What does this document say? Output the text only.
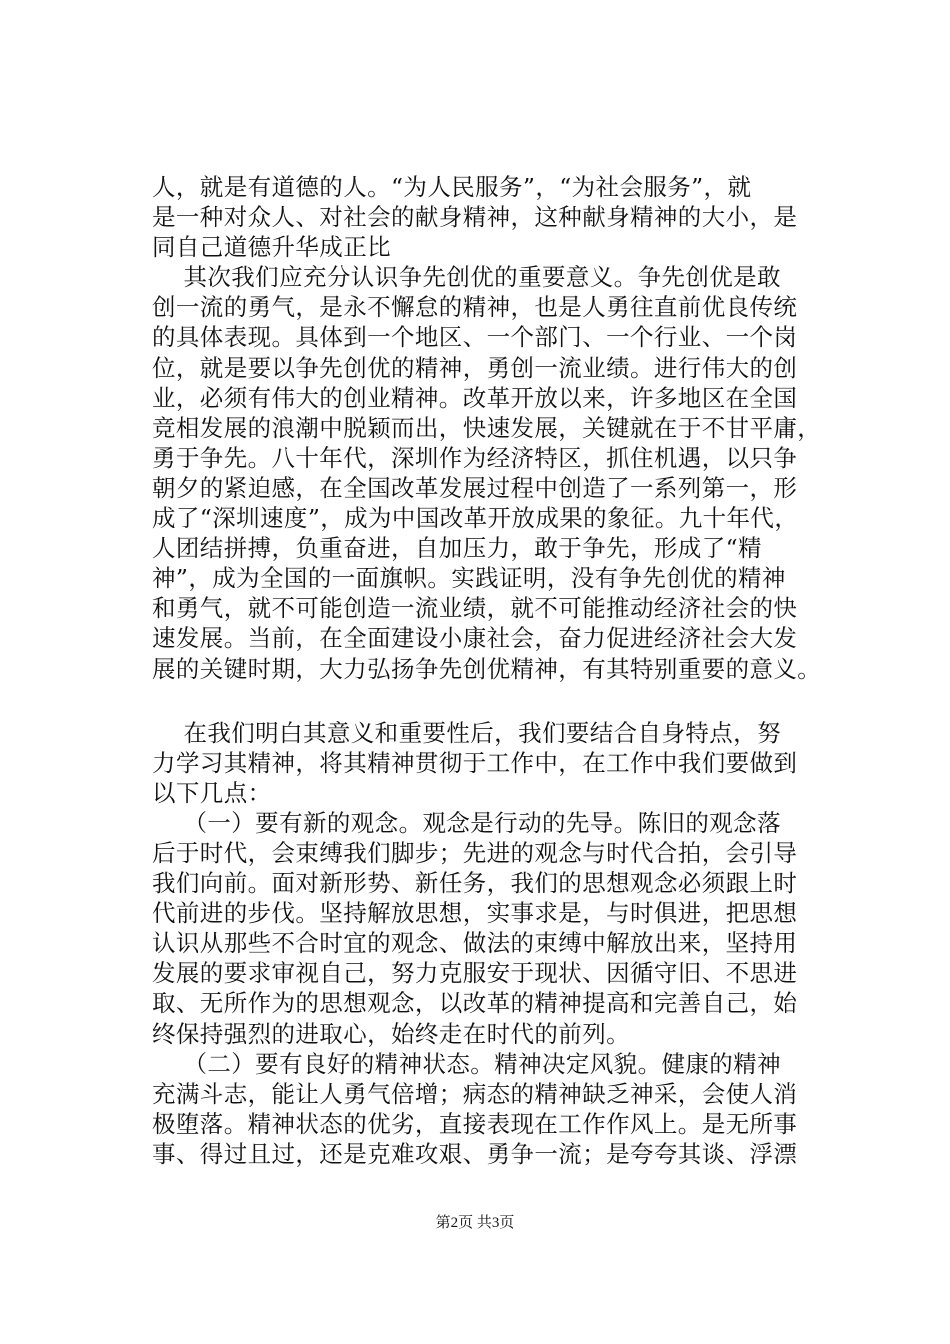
人，就是有道德的人。“为人民服务”，“为社会服务”，就
是一种对众人、对社会的献身精神，这种献身精神的大小，是
同自己道德升华成正比
其次我们应充分认识争先创优的重要意义。争先创优是敢
创一流的勇气，是永不懈怠的精神，也是人勇往直前优良传统
的具体表现。具体到一个地区、一个部门、一个行业、一个岗
位，就是要以争先创优的精神，勇创一流业绩。进行伟大的创
业，必须有伟大的创业精神。改革开放以来，许多地区在全国
竞相发展的浪潮中脱颖而出，快速发展，关键就在于不甘平庸，
勇于争先。八十年代，深圳作为经济特区，抓住机遇，以只争
朝夕的紧迫感，在全国改革发展过程中创造了一系列第一，形
成了“深圳速度”，成为中国改革开放成果的象征。九十年代，
人团结拼搏，负重奋进，自加压力，敢于争先，形成了“精
神”，成为全国的一面旗帜。实践证明，没有争先创优的精神
和勇气，就不可能创造一流业绩，就不可能推动经济社会的快
速发展。当前，在全面建设小康社会，奋力促进经济社会大发
展的关键时期，大力弘扬争先创优精神，有其特别重要的意义。
在我们明白其意义和重要性后，我们要结合自身特点，努
力学习其精神，将其精神贯彻于工作中，在工作中我们要做到
以下几点：
（一）要有新的观念。观念是行动的先导。陈旧的观念落
后于时代，会束缚我们脚步；先进的观念与时代合拍，会引导
我们向前。面对新形势、新任务，我们的思想观念必须跟上时
代前进的步伐。坚持解放思想，实事求是，与时俱进，把思想
认识从那些不合时宜的观念、做法的束缚中解放出来，坚持用
发展的要求审视自己，努力克服安于现状、因循守旧、不思进
取、无所作为的思想观念，以改革的精神提高和完善自己，始
终保持强烈的进取心，始终走在时代的前列。
（二）要有良好的精神状态。精神决定风貌。健康的精神
充满斗志，能让人勇气倍增；病态的精神缺乏神采，会使人消
极堕落。精神状态的优劣，直接表现在工作作风上。是无所事
事、得过且过，还是克难攻艰、勇争一流；是夸夸其谈、浮漂
第2页 共3页
